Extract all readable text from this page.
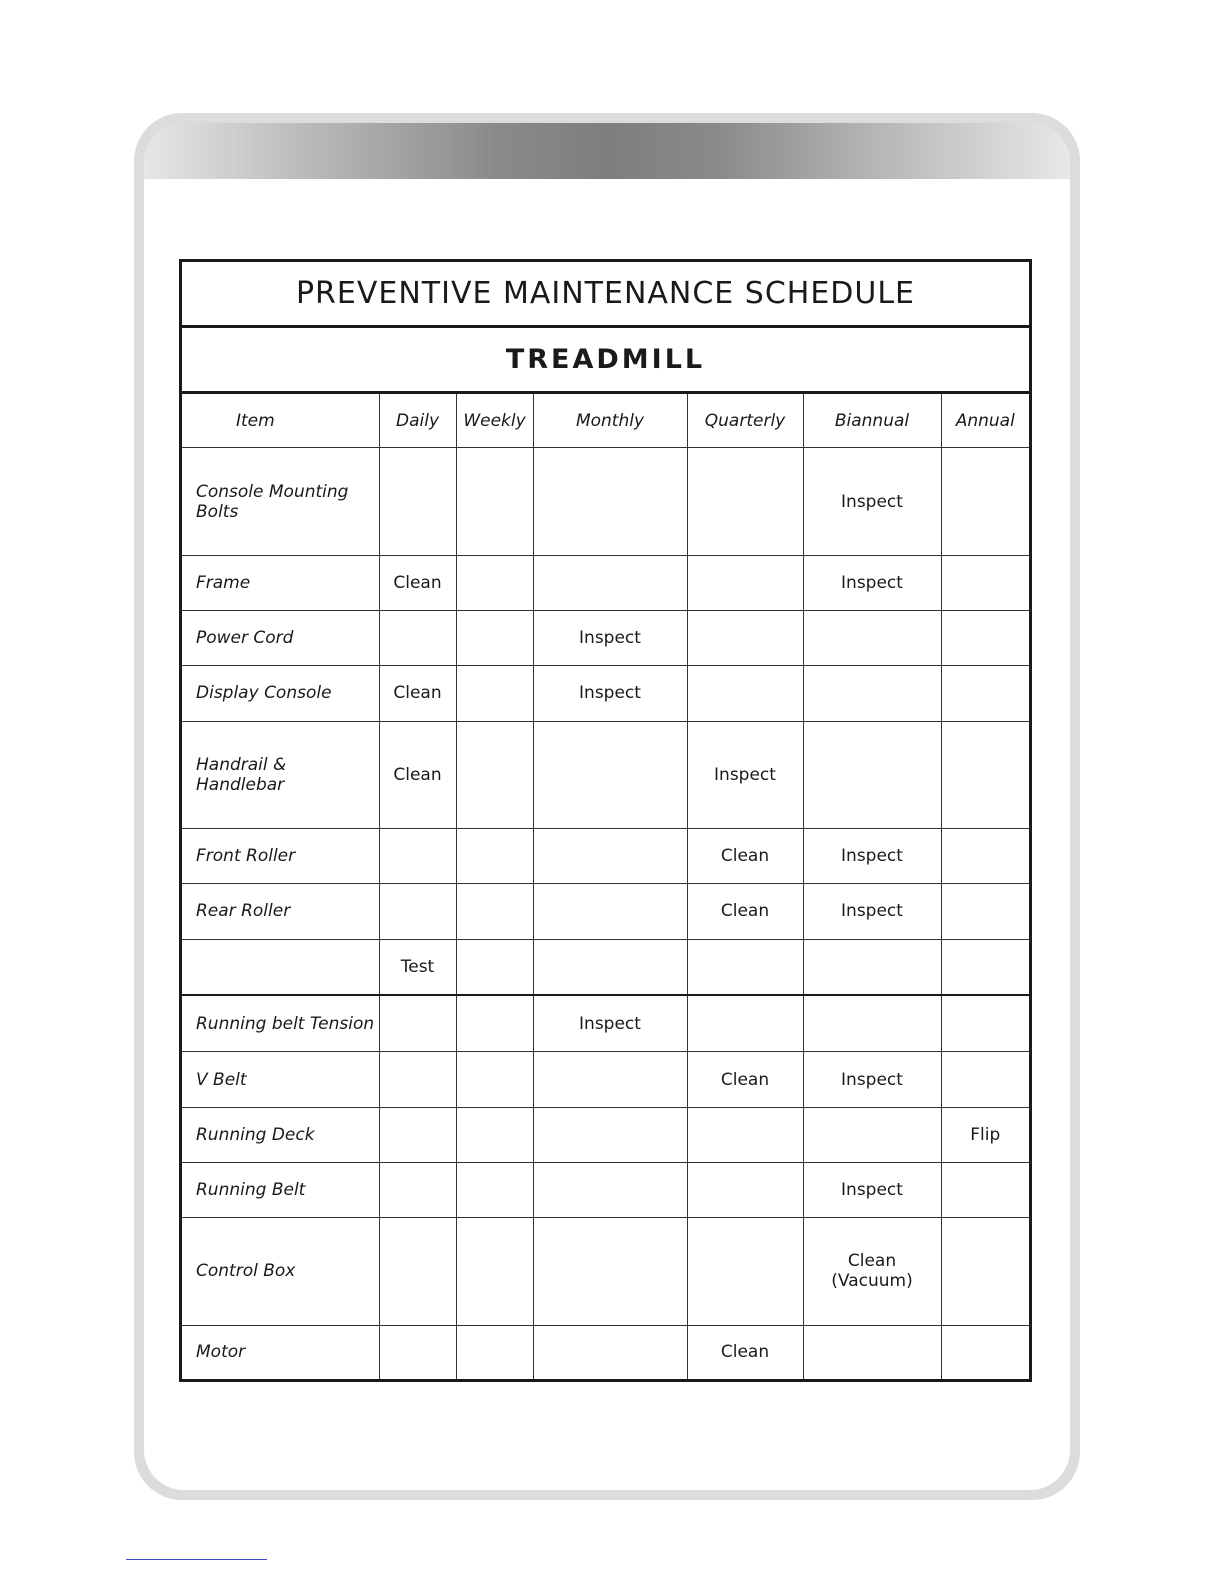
PREVENTIVE MAINTENANCE SCHEDULE
TREADMILL
Item	Daily	Weekly	Monthly	Quarterly	Biannual	Annual
Console Mounting Bolts					Inspect	
Frame	Clean				Inspect	
Power Cord			Inspect			
Display Console	Clean		Inspect			
Handrail & Handlebar	Clean			Inspect		
Front Roller				Clean	Inspect	
Rear Roller				Clean	Inspect	
	Test					
Running belt Tension			Inspect			
V Belt				Clean	Inspect	
Running Deck						Flip
Running Belt					Inspect	
Control Box					Clean
(Vacuum)	
Motor				Clean		
